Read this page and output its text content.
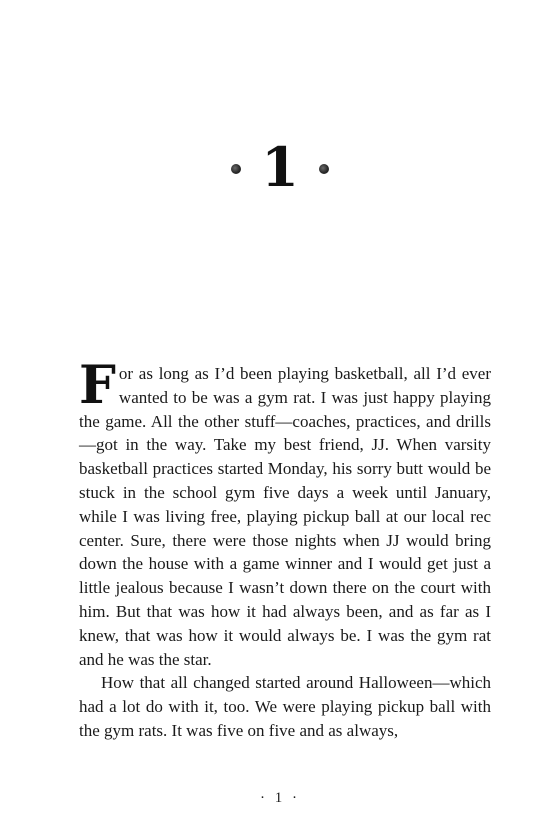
1

For as long as I’d been playing basketball, all I’d ever wanted to be was a gym rat. I was just happy playing the game. All the other stuff—coaches, practices, and drills—got in the way. Take my best friend, JJ. When varsity basketball practices started Monday, his sorry butt would be stuck in the school gym five days a week until January, while I was living free, playing pickup ball at our local rec center. Sure, there were those nights when JJ would bring down the house with a game winner and I would get just a little jealous because I wasn’t down there on the court with him. But that was how it had always been, and as far as I knew, that was how it would always be. I was the gym rat and he was the star.

How that all changed started around Halloween—which had a lot do with it, too. We were playing pickup ball with the gym rats. It was five on five and as always,

· 1 ·
